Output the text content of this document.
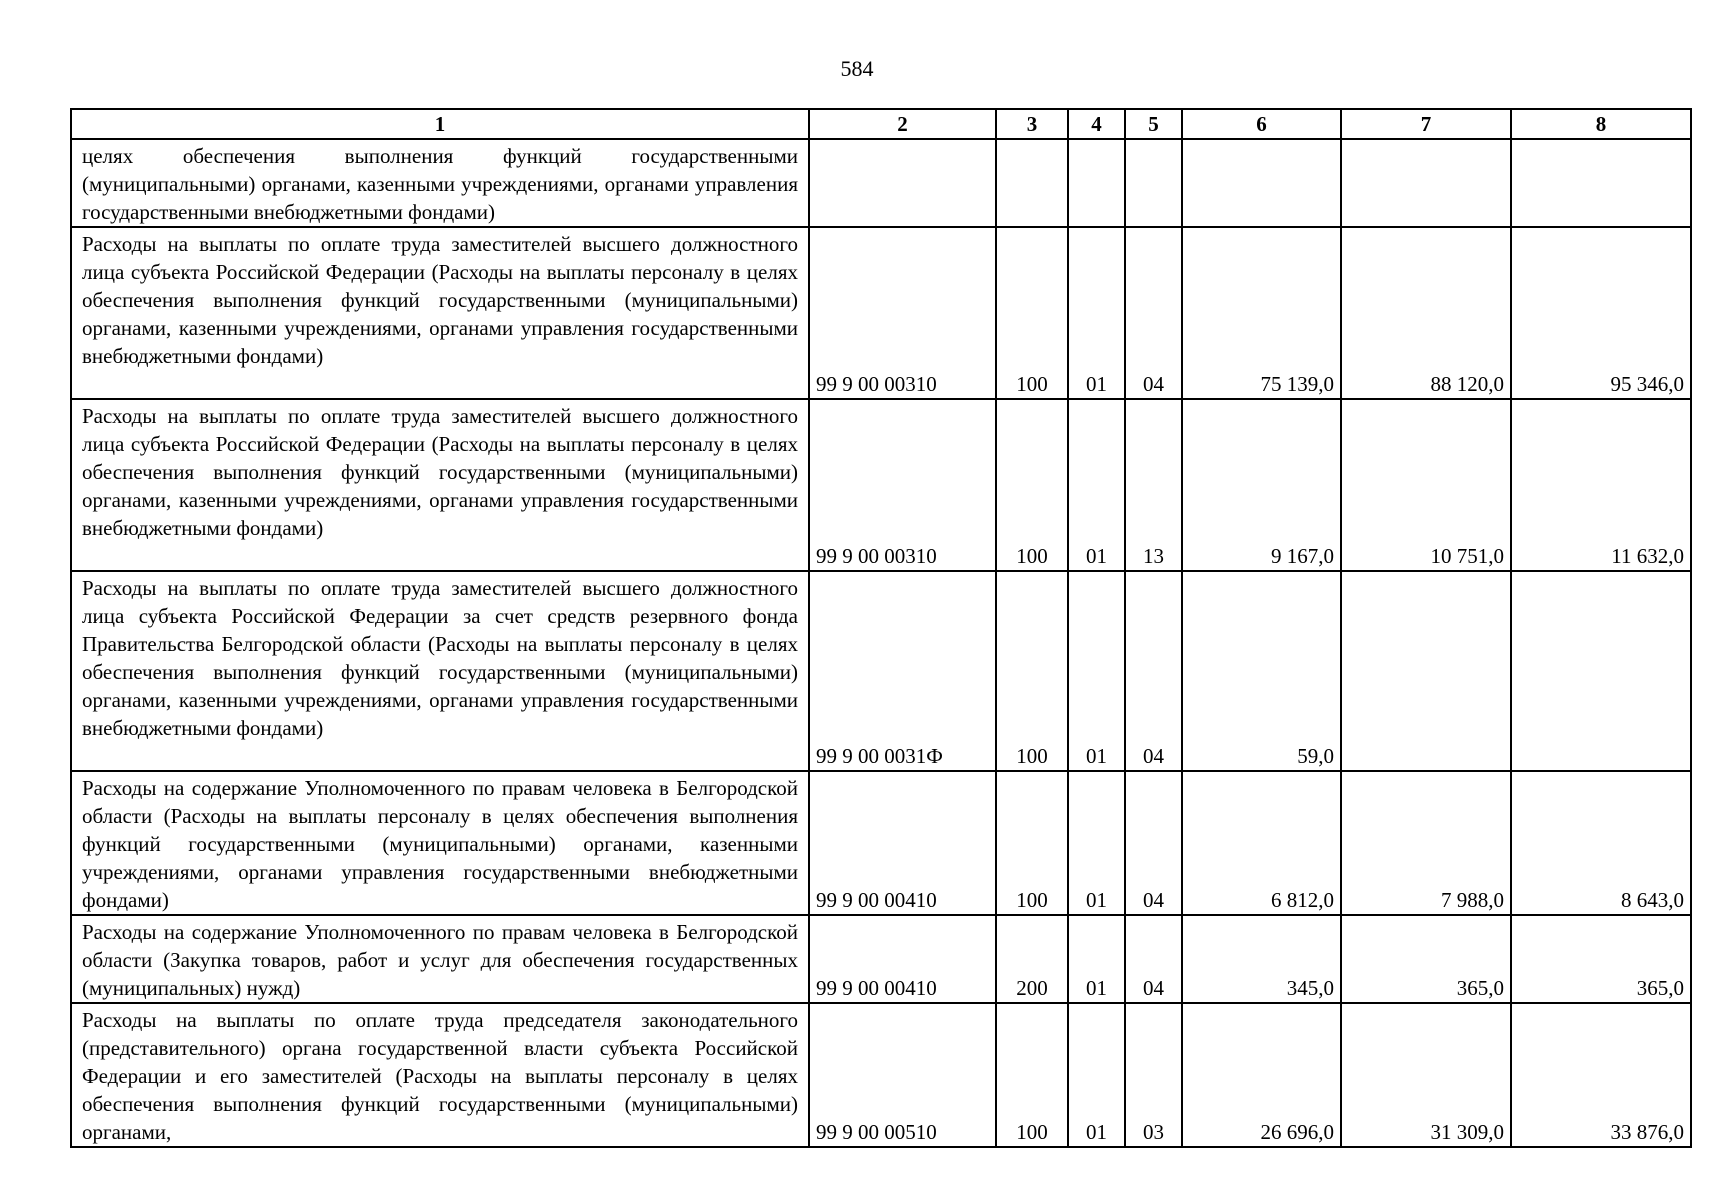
584
1	2	3	4	5	6	7	8
целях обеспечения выполнения функций государственными (муниципальными) органами, казенными учреждениями, органами управления государственными внебюджетными фондами)							
Расходы на выплаты по оплате труда заместителей высшего должностного лица субъекта Российской Федерации (Расходы на выплаты персоналу в целях обеспечения выполнения функций государственными (муниципальными) органами, казенными учреждениями, органами управления государственными внебюджетными фондами)	99 9 00 00310	100	01	04	75 139,0	88 120,0	95 346,0
Расходы на выплаты по оплате труда заместителей высшего должностного лица субъекта Российской Федерации (Расходы на выплаты персоналу в целях обеспечения выполнения функций государственными (муниципальными) органами, казенными учреждениями, органами управления государственными внебюджетными фондами)	99 9 00 00310	100	01	13	9 167,0	10 751,0	11 632,0
Расходы на выплаты по оплате труда заместителей высшего должностного лица субъекта Российской Федерации за счет средств резервного фонда Правительства Белгородской области (Расходы на выплаты персоналу в целях обеспечения выполнения функций государственными (муниципальными) органами, казенными учреждениями, органами управления государственными внебюджетными фондами)	99 9 00 0031Ф	100	01	04	59,0		
Расходы на содержание Уполномоченного по правам человека в Белгородской области (Расходы на выплаты персоналу в целях обеспечения выполнения функций государственными (муниципальными) органами, казенными учреждениями, органами управления государственными внебюджетными фондами)	99 9 00 00410	100	01	04	6 812,0	7 988,0	8 643,0
Расходы на содержание Уполномоченного по правам человека в Белгородской области (Закупка товаров, работ и услуг для обеспечения государственных (муниципальных) нужд)	99 9 00 00410	200	01	04	345,0	365,0	365,0
Расходы на выплаты по оплате труда председателя законодательного (представительного) органа государственной власти субъекта Российской Федерации и его заместителей (Расходы на выплаты персоналу в целях обеспечения выполнения функций государственными (муниципальными) органами,	99 9 00 00510	100	01	03	26 696,0	31 309,0	33 876,0
